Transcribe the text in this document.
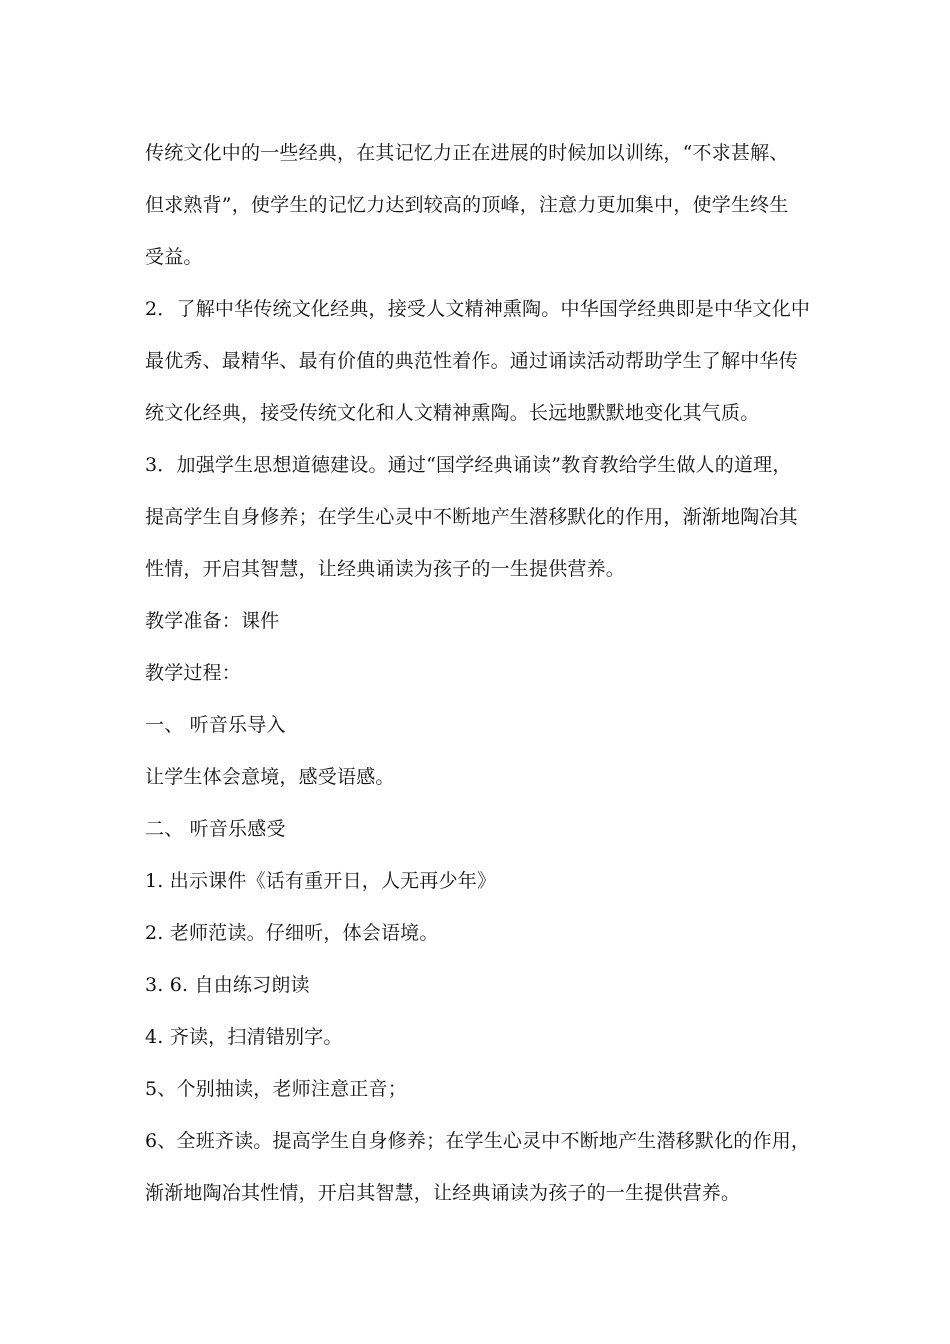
传统文化中的一些经典，在其记忆力正在进展的时候加以训练，“不求甚解、
但求熟背”，使学生的记忆力达到较高的顶峰，注意力更加集中，使学生终生
受益。
2．了解中华传统文化经典，接受人文精神熏陶。中华国学经典即是中华文化中
最优秀、最精华、最有价值的典范性着作。通过诵读活动帮助学生了解中华传
统文化经典，接受传统文化和人文精神熏陶。长远地默默地变化其气质。
3．加强学生思想道德建设。通过“国学经典诵读”教育教给学生做人的道理，
提高学生自身修养；在学生心灵中不断地产生潜移默化的作用，渐渐地陶冶其
性情，开启其智慧，让经典诵读为孩子的一生提供营养。
教学准备：课件
教学过程：
一、 听音乐导入
让学生体会意境，感受语感。
二、 听音乐感受
1. 出示课件《话有重开日，人无再少年》
2. 老师范读。仔细听，体会语境。
3. 6. 自由练习朗读
4. 齐读，扫清错别字。
5、个别抽读，老师注意正音；
6、全班齐读。提高学生自身修养；在学生心灵中不断地产生潜移默化的作用，
渐渐地陶冶其性情，开启其智慧，让经典诵读为孩子的一生提供营养。
